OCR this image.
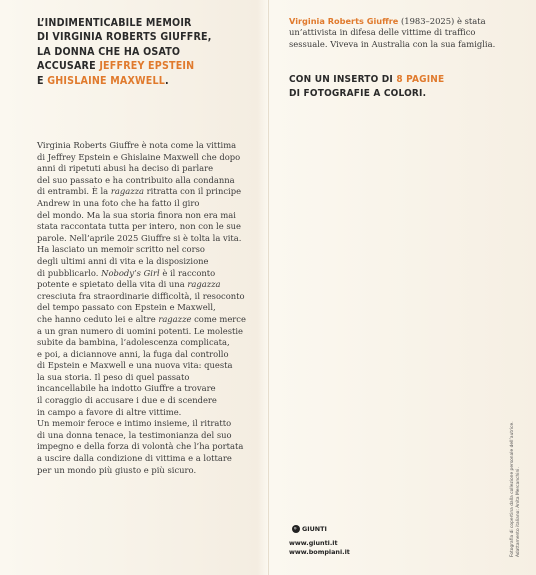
L’INDIMENTICABILE MEMOIR
DI VIRGINIA ROBERTS GIUFFRE,
LA DONNA CHE HA OSATO
ACCUSARE JEFFREY EPSTEIN
E GHISLAINE MAXWELL.
Virginia Roberts Giuffre è nota come la vittima
di Jeffrey Epstein e Ghislaine Maxwell che dopo
anni di ripetuti abusi ha deciso di parlare
del suo passato e ha contribuito alla condanna
di entrambi. È la ragazza ritratta con il principe
Andrew in una foto che ha fatto il giro
del mondo. Ma la sua storia finora non era mai
stata raccontata tutta per intero, non con le sue
parole. Nell’aprile 2025 Giuffre si è tolta la vita.
Ha lasciato un memoir scritto nel corso
degli ultimi anni di vita e la disposizione
di pubblicarlo. Nobody’s Girl è il racconto
potente e spietato della vita di una ragazza
cresciuta fra straordinarie difficoltà, il resoconto
del tempo passato con Epstein e Maxwell,
che hanno ceduto lei e altre ragazze come merce
a un gran numero di uomini potenti. Le molestie
subite da bambina, l’adolescenza complicata,
e poi, a diciannove anni, la fuga dal controllo
di Epstein e Maxwell e una nuova vita: questa
la sua storia. Il peso di quel passato
incancellabile ha indotto Giuffre a trovare
il coraggio di accusare i due e di scendere
in campo a favore di altre vittime.
Un memoir feroce e intimo insieme, il ritratto
di una donna tenace, la testimonianza del suo
impegno e della forza di volontà che l’ha portata
a uscire dalla condizione di vittima e a lottare
per un mondo più giusto e più sicuro.
Virginia Roberts Giuffre (1983–2025) è stata
un’attivista in difesa delle vittime di traffico
sessuale. Viveva in Australia con la sua famiglia.
CON UN INSERTO DI 8 PAGINE
DI FOTOGRAFIE A COLORI.
Fotografia di copertina dalla collezione personale dell’autrice. Adattamento italiano: Anita Mercanchini.
GIUNTI
www.giunti.it
www.bompiani.it
